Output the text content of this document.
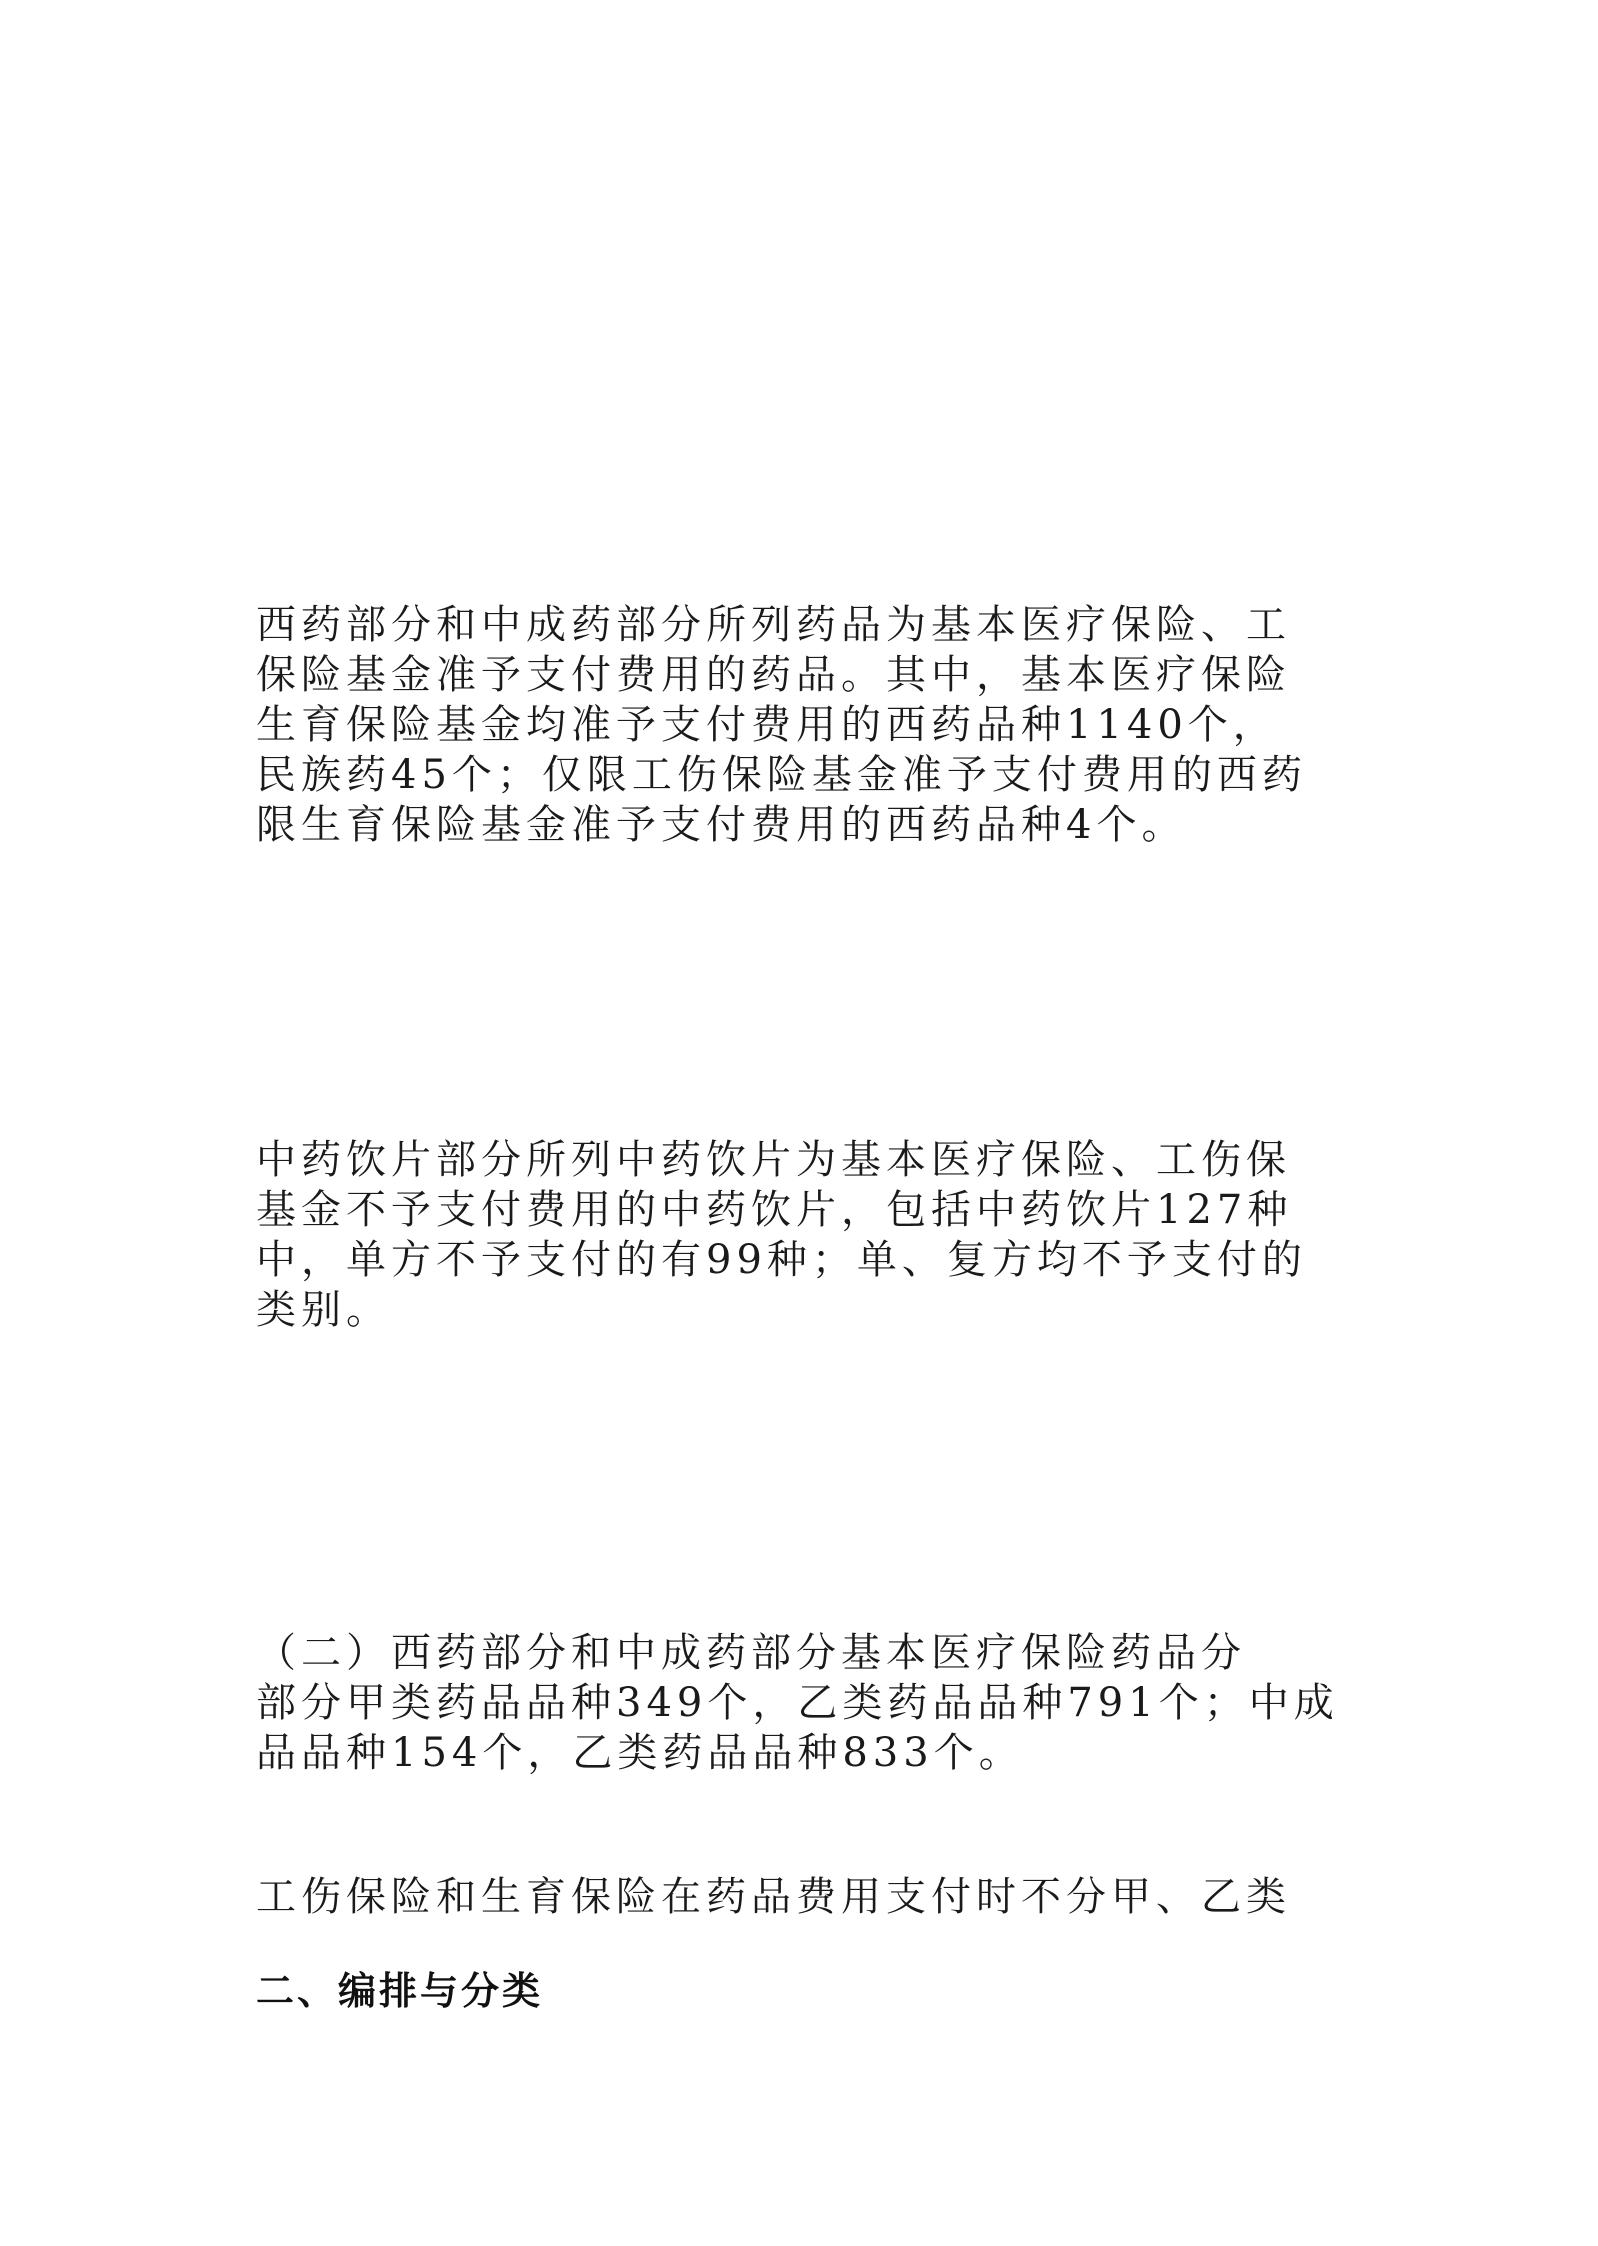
西药部分和中成药部分所列药品为基本医疗保险、工
保险基金准予支付费用的药品。其中，基本医疗保险
生育保险基金均准予支付费用的西药品种1140个，
民族药45个；仅限工伤保险基金准予支付费用的西药
限生育保险基金准予支付费用的西药品种4个。
中药饮片部分所列中药饮片为基本医疗保险、工伤保
基金不予支付费用的中药饮片，包括中药饮片127种
中，单方不予支付的有99种；单、复方均不予支付的
类别。
（二）西药部分和中成药部分基本医疗保险药品分
部分甲类药品品种349个，乙类药品品种791个；中成
品品种154个，乙类药品品种833个。
工伤保险和生育保险在药品费用支付时不分甲、乙类
二、编排与分类
